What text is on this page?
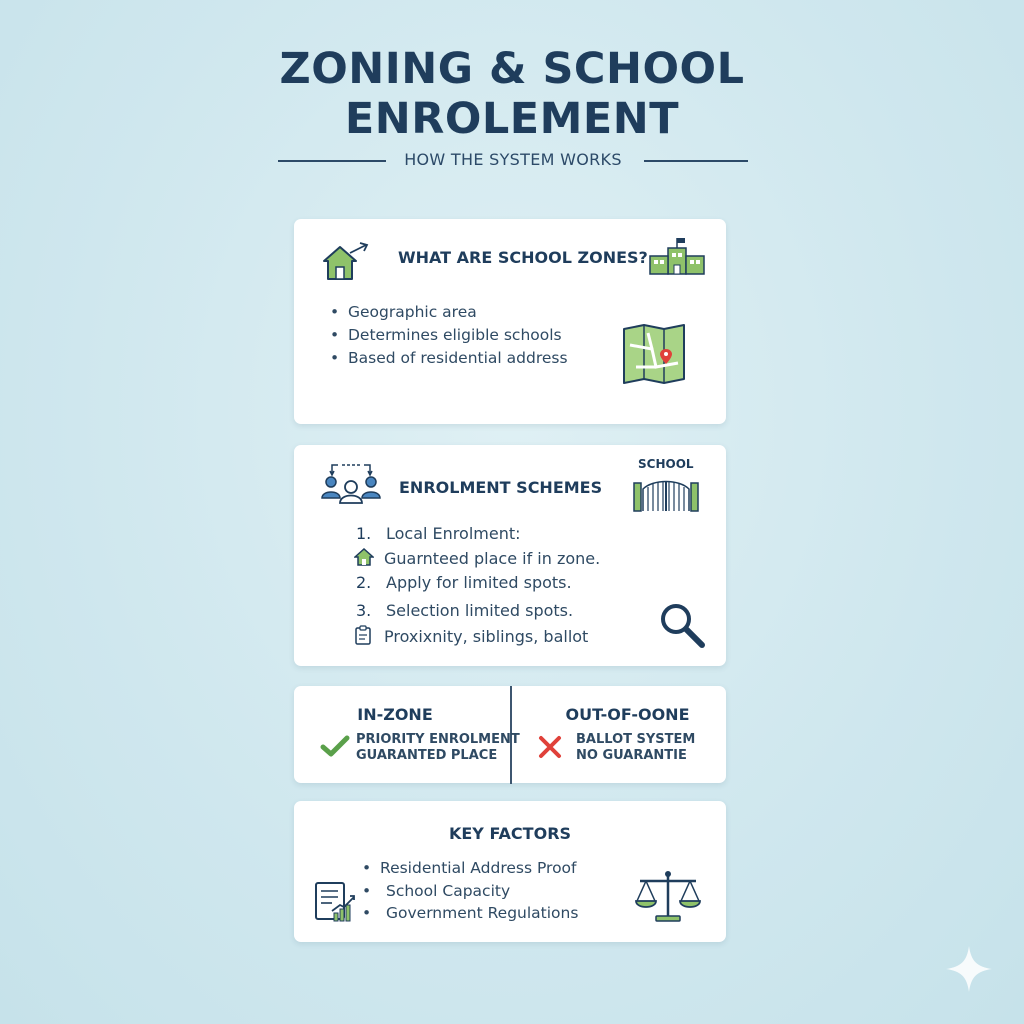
ZONING & SCHOOL
ENROLEMENT
HOW THE SYSTEM WORKS
WHAT ARE SCHOOL ZONES?
• Geographic area
• Determines eligible schools
• Based of residential address
ENROLMENT SCHEMES
SCHOOL
1. Local Enrolment:
Guarnteed place if in zone.
2. Apply for limited spots.
3. Selection limited spots.
Proxixnity, siblings, ballot
IN-ZONE
PRIORITY ENROLMENT
GUARANTED PLACE
OUT-OF-OONE
BALLOT SYSTEM
NO GUARANTIE
KEY FACTORS
• Residential Address Proof
• School Capacity
• Government Regulations
